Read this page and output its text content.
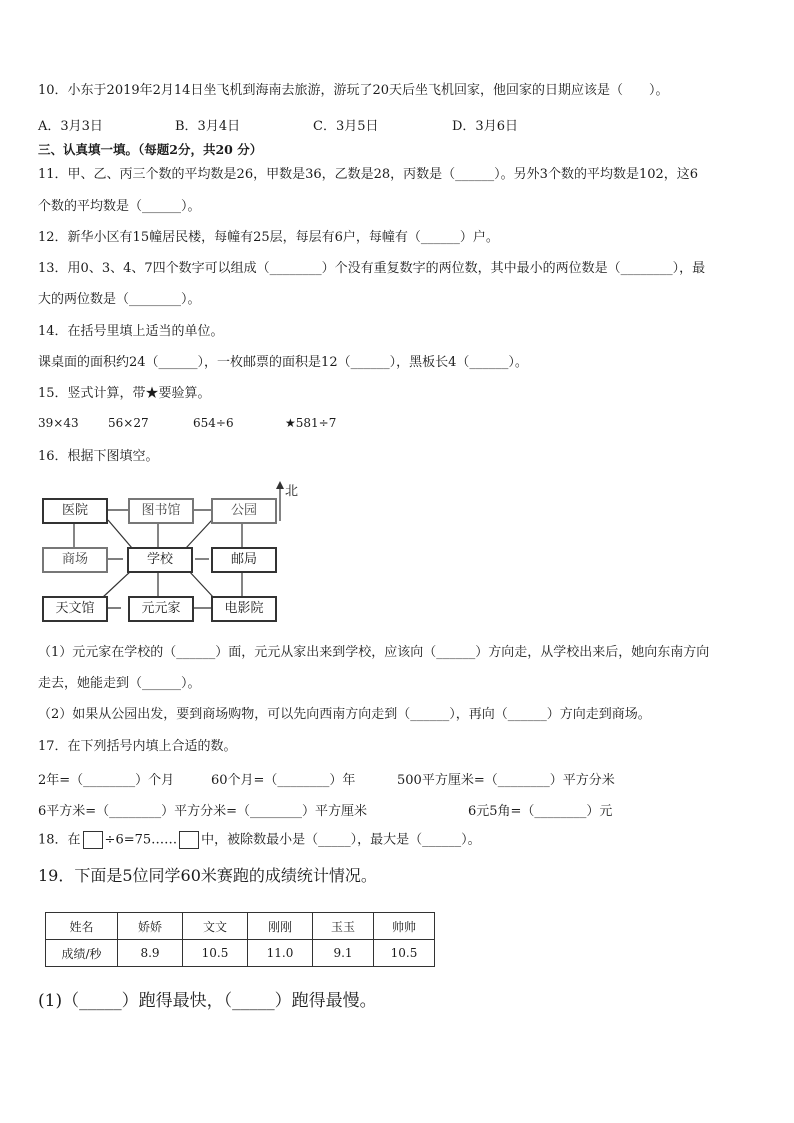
10．小东于2019年2月14日坐飞机到海南去旅游，游玩了20天后坐飞机回家，他回家的日期应该是（　　）。
A．3月3日	B．3月4日	C．3月5日	D．3月6日
三、认真填一填。（每题2分，共20 分）
11．甲、乙、丙三个数的平均数是26，甲数是36，乙数是28，丙数是（______）。另外3个数的平均数是102，这6
个数的平均数是（______）。
12．新华小区有15幢居民楼，每幢有25层，每层有6户，每幢有（______）户。
13．用0、3、4、7四个数字可以组成（________）个没有重复数字的两位数，其中最小的两位数是（________），最
大的两位数是（________）。
14．在括号里填上适当的单位。
课桌面的面积约24（______），一枚邮票的面积是12（______），黑板长4（______）。
15．竖式计算，带★要验算。
39×43 56×27	654÷6	★581÷7
16．根据下图填空。
北
医院	图书馆	公园
商场	学校	邮局
天文馆	元元家	电影院
（1）元元家在学校的（______）面，元元从家出来到学校，应该向（______）方向走，从学校出来后，她向东南方向
走去，她能走到（______）。
（2）如果从公园出发，要到商场购物，可以先向西南方向走到（______），再向（______）方向走到商场。
17．在下列括号内填上合适的数。
2年=（________）个月	60个月=（________）年	500平方厘米=（________）平方分米
6平方米=（________）平方分米=（________）平方厘米	6元5角=（________）元
18．在 ÷6=75…… 中，被除数最小是（_____），最大是（______）。
19．下面是5位同学60米赛跑的成绩统计情况。
姓名	娇娇	文文	刚刚	玉玉	帅帅
成绩/秒	8.9	10.5	11.0	9.1	10.5
(1)（_____）跑得最快，（_____）跑得最慢。
